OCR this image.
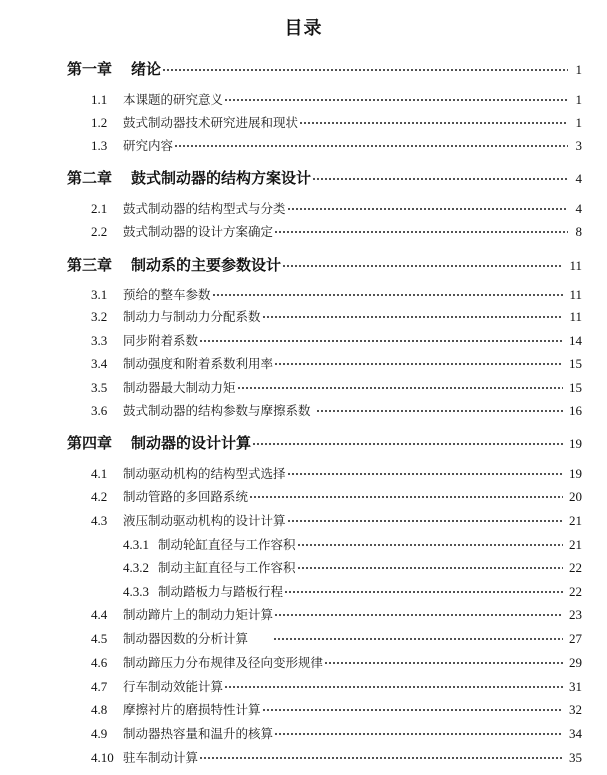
目录
第一章	绪论	1
1.1	本课题的研究意义	1
1.2	鼓式制动器技术研究进展和现状	1
1.3	研究内容	3
第二章	鼓式制动器的结构方案设计	4
2.1	鼓式制动器的结构型式与分类	4
2.2	鼓式制动器的设计方案确定	8
第三章	制动系的主要参数设计	11
3.1	预给的整车参数	11
3.2	制动力与制动力分配系数	11
3.3	同步附着系数	14
3.4	制动强度和附着系数利用率	15
3.5	制动器最大制动力矩	15
3.6	鼓式制动器的结构参数与摩擦系数	16
第四章	制动器的设计计算	19
4.1	制动驱动机构的结构型式选择	19
4.2	制动管路的多回路系统	20
4.3	液压制动驱动机构的设计计算	21
4.3.1 制动轮缸直径与工作容积	21
4.3.2 制动主缸直径与工作容积	22
4.3.3 制动踏板力与踏板行程	22
4.4	制动蹄片上的制动力矩计算	23
4.5	制动器因数的分析计算	27
4.6	制动蹄压力分布规律及径向变形规律	29
4.7	行车制动效能计算	31
4.8	摩擦衬片的磨损特性计算	32
4.9	制动器热容量和温升的核算	34
4.10 驻车制动计算	35
